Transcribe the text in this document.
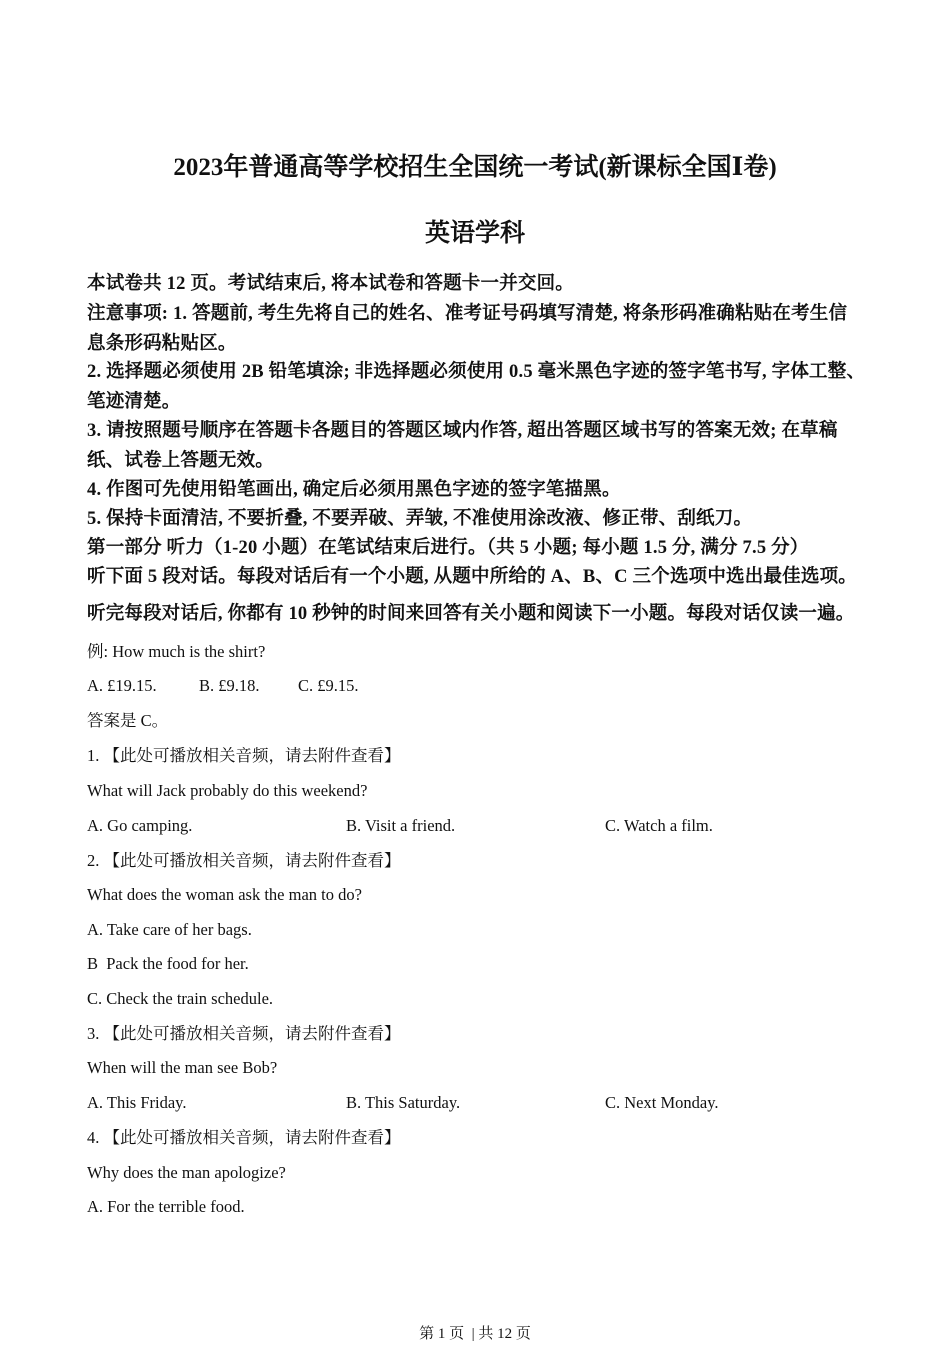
2023年普通高等学校招生全国统一考试(新课标全国Ⅰ卷)
英语学科
本试卷共 12 页。考试结束后, 将本试卷和答题卡一并交回。
注意事项: 1. 答题前, 考生先将自己的姓名、准考证号码填写清楚, 将条形码准确粘贴在考生信
息条形码粘贴区。
2. 选择题必须使用 2B 铅笔填涂; 非选择题必须使用 0.5 毫米黑色字迹的签字笔书写, 字体工整、
笔迹清楚。
3. 请按照题号顺序在答题卡各题目的答题区域内作答, 超出答题区域书写的答案无效; 在草稿
纸、试卷上答题无效。
4. 作图可先使用铅笔画出, 确定后必须用黑色字迹的签字笔描黑。
5. 保持卡面清洁, 不要折叠, 不要弄破、弄皱, 不准使用涂改液、修正带、刮纸刀。
第一部分 听力（1-20 小题）在笔试结束后进行。（共 5 小题; 每小题 1.5 分, 满分 7.5 分）
听下面 5 段对话。每段对话后有一个小题, 从题中所给的 A、B、C 三个选项中选出最佳选项。
听完每段对话后, 你都有 10 秒钟的时间来回答有关小题和阅读下一小题。每段对话仅读一遍。
例: How much is the shirt?
A. £19.15.	B. £9.18. C. £9.15.
答案是 C。
1. 【此处可播放相关音频，请去附件查看】
What will Jack probably do this weekend?
A. Go camping.	B. Visit a friend.	C. Watch a film.
2. 【此处可播放相关音频，请去附件查看】
What does the woman ask the man to do?
A. Take care of her bags.
B  Pack the food for her.
C. Check the train schedule.
3. 【此处可播放相关音频，请去附件查看】
When will the man see Bob?
A. This Friday.	B. This Saturday.	C. Next Monday.
4. 【此处可播放相关音频，请去附件查看】
Why does the man apologize?
A. For the terrible food.
第 1 页  | 共 12 页
